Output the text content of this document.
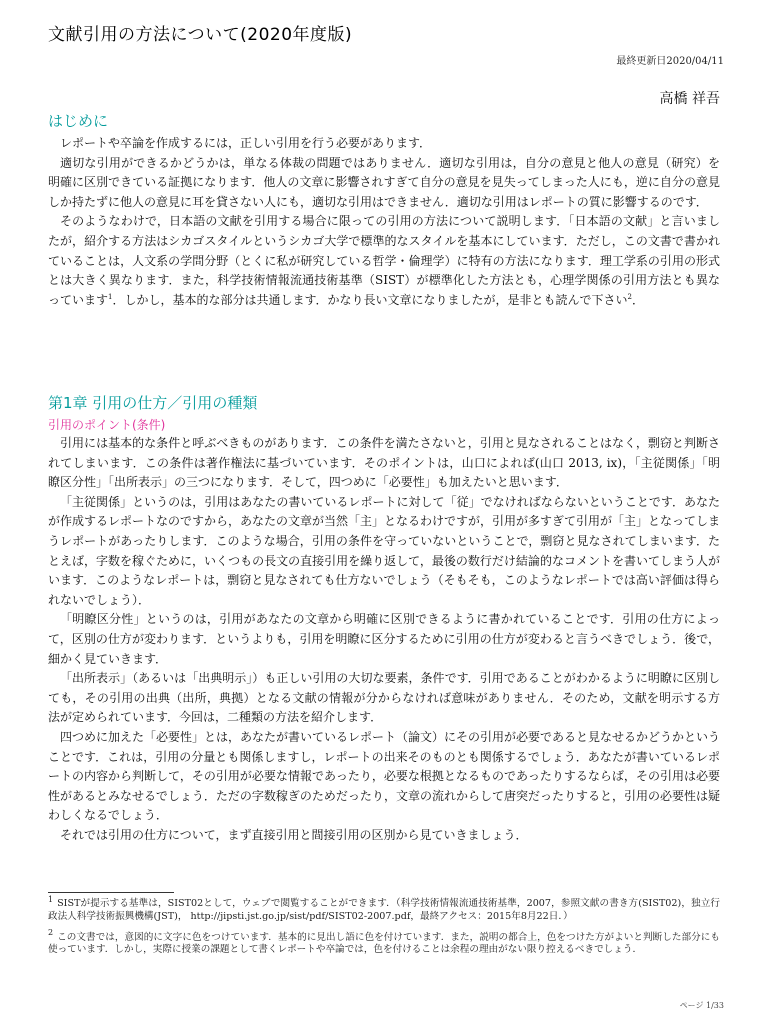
文献引用の方法について(2020年度版)
最終更新日2020/04/11
高橋 祥吾
はじめに

レポートや卒論を作成するには，正しい引用を行う必要があります．

適切な引用ができるかどうかは，単なる体裁の問題ではありません．適切な引用は，自分の意見と他人の意見（研究）を明確に区別できている証拠になります．他人の文章に影響されすぎて自分の意見を見失ってしまった人にも，逆に自分の意見しか持たずに他人の意見に耳を貸さない人にも，適切な引用はできません．適切な引用はレポートの質に影響するのです．

そのようなわけで，日本語の文献を引用する場合に限っての引用の方法について説明します．「日本語の文献」と言いましたが，紹介する方法はシカゴスタイルというシカゴ大学で標準的なスタイルを基本にしています．ただし，この文書で書かれていることは，人文系の学問分野（とくに私が研究している哲学・倫理学）に特有の方法になります．理工学系の引用の形式とは大きく異なります．また，科学技術情報流通技術基準（SIST）が標準化した方法とも，心理学関係の引用方法とも異なっています$^1$．しかし，基本的な部分は共通します．かなり長い文章になりましたが，是非とも読んで下さい$^2$．

第1章 引用の仕方／引用の種類
引用のポイント(条件)

引用には基本的な条件と呼ぶべきものがあります．この条件を満たさないと，引用と見なされることはなく，剽窃と判断されてしまいます．この条件は著作権法に基づいています．そのポイントは，山口によれば(山口 2013, ix)，「主従関係」「明瞭区分性」「出所表示」の三つになります．そして，四つめに「必要性」も加えたいと思います．

「主従関係」というのは，引用はあなたの書いているレポートに対して「従」でなければならないということです．あなたが作成するレポートなのですから，あなたの文章が当然「主」となるわけですが，引用が多すぎて引用が「主」となってしまうレポートがあったりします．このような場合，引用の条件を守っていないということで，剽窃と見なされてしまいます．たとえば，字数を稼ぐために，いくつもの長文の直接引用を繰り返して，最後の数行だけ結論的なコメントを書いてしまう人がいます．このようなレポートは，剽窃と見なされても仕方ないでしょう（そもそも，このようなレポートでは高い評価は得られないでしょう）．

「明瞭区分性」というのは，引用があなたの文章から明確に区別できるように書かれていることです．引用の仕方によって，区別の仕方が変わります．というよりも，引用を明瞭に区分するために引用の仕方が変わると言うべきでしょう．後で，細かく見ていきます．

「出所表示」（あるいは「出典明示」）も正しい引用の大切な要素，条件です．引用であることがわかるように明瞭に区別しても，その引用の出典（出所，典拠）となる文献の情報が分からなければ意味がありません．そのため，文献を明示する方法が定められています．今回は，二種類の方法を紹介します．

四つめに加えた「必要性」とは，あなたが書いているレポート（論文）にその引用が必要であると見なせるかどうかということです．これは，引用の分量とも関係しますし，レポートの出来そのものとも関係するでしょう．あなたが書いているレポートの内容から判断して，その引用が必要な情報であったり，必要な根拠となるものであったりするならば，その引用は必要性があるとみなせるでしょう．ただの字数稼ぎのためだったり，文章の流れからして唐突だったりすると，引用の必要性は疑わしくなるでしょう．

それでは引用の仕方について，まず直接引用と間接引用の区別から見ていきましょう．

$^1$ SISTが提示する基準は，SIST02として，ウェブで閲覧することができます．（科学技術情報流通技術基準，2007，参照文献の書き方(SIST02)，独立行政法人科学技術振興機構(JST)， http://jipsti.jst.go.jp/sist/pdf/SIST02-2007.pdf，最終アクセス：2015年8月22日．）

$^2$ この文書では，意図的に文字に色をつけています．基本的に見出し語に色を付けています．また，説明の都合上，色をつけた方がよいと判断した部分にも使っています．しかし，実際に授業の課題として書くレポートや卒論では，色を付けることは余程の理由がない限り控えるべきでしょう．

ページ 1/33
